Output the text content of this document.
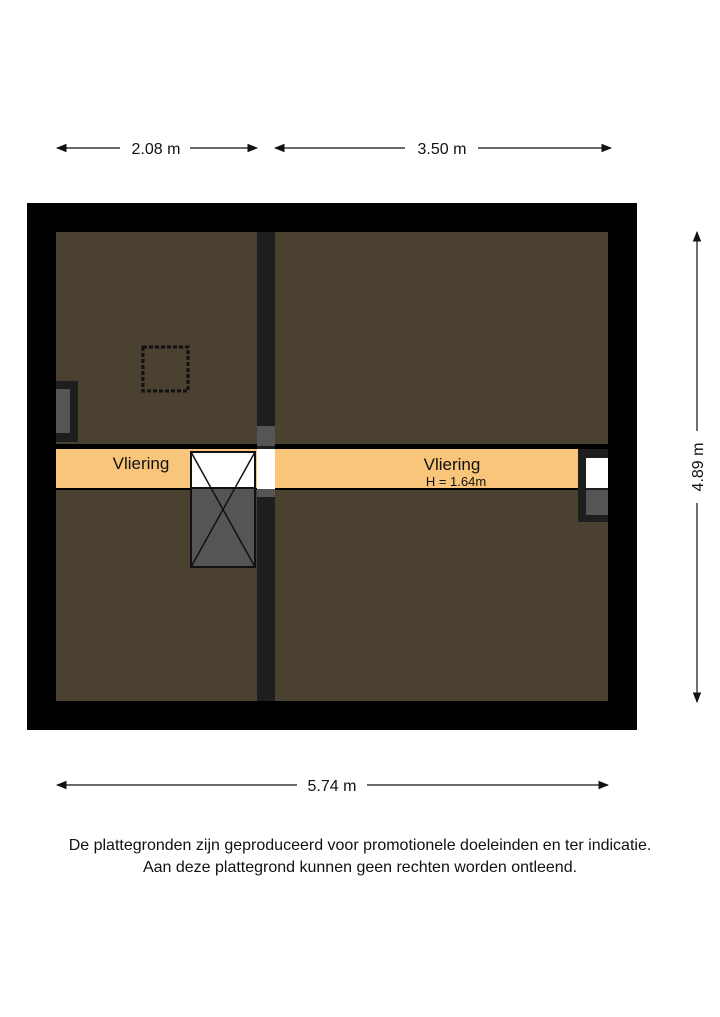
2.08 m	3.50 m
Vliering	Vliering
H = 1.64m	4.89 m
5.74 m
De plattegronden zijn geproduceerd voor promotionele doeleinden en ter indicatie.
Aan deze plattegrond kunnen geen rechten worden ontleend.
